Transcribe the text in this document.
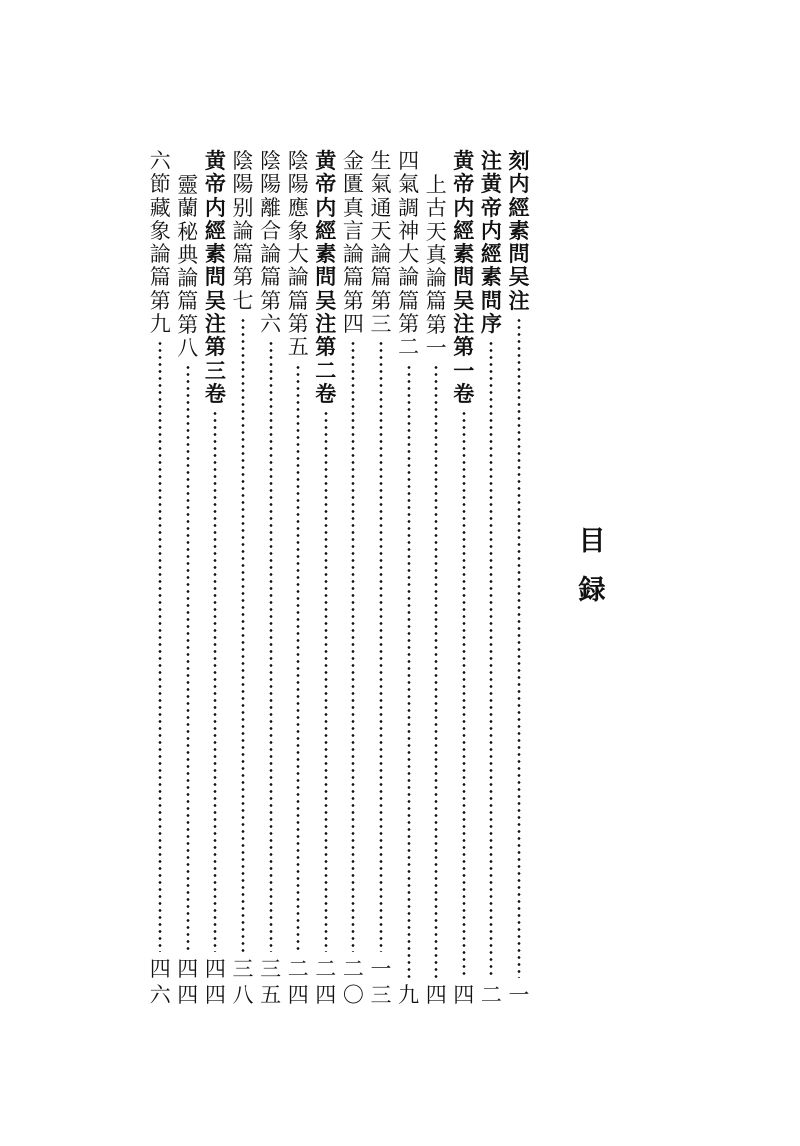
目
録
刻
内
經
素
問
吴
注
一
注
黄
帝
内
經
素
問
序
二
黄
帝
内
經
素
問
吴
注
第
一
卷
四
上
古
天
真
論
篇
第
一
四
四
氣
調
神
大
論
篇
第
二
九
生
氣
通
天
論
篇
第
三
一
三
金
匱
真
言
論
篇
第
四
二
〇
黄
帝
内
經
素
問
吴
注
第
二
卷
二
四
陰
陽
應
象
大
論
篇
第
五
二
四
陰
陽
離
合
論
篇
第
六
三
五
陰
陽
别
論
篇
第
七
三
八
黄
帝
内
經
素
問
吴
注
第
三
卷
四
四
靈
蘭
秘
典
論
篇
第
八
四
四
六
節
藏
象
論
篇
第
九
四
六
